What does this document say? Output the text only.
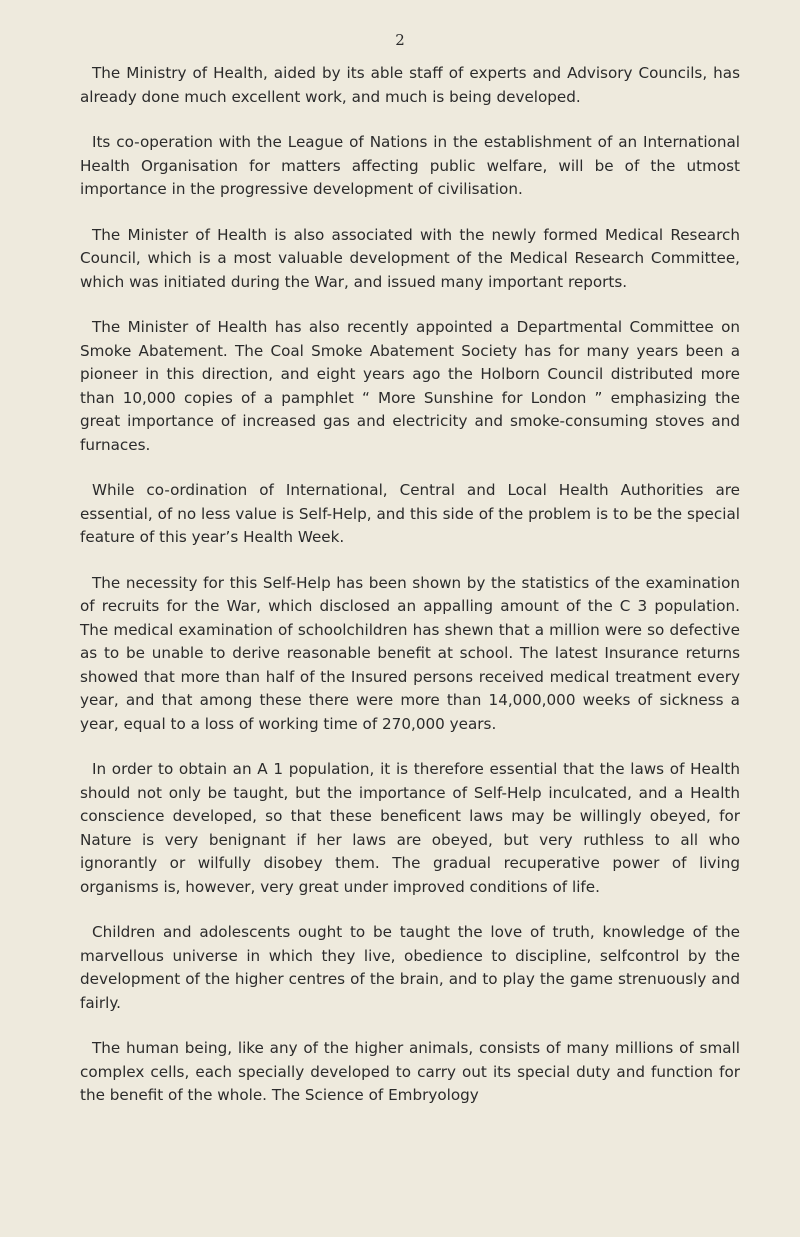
2

The Ministry of Health, aided by its able staff of experts and Advisory Councils, has already done much excellent work, and much is being developed.

Its co-operation with the League of Nations in the establishment of an International Health Organisation for matters affecting public welfare, will be of the utmost importance in the progressive development of civilisation.

The Minister of Health is also associated with the newly formed Medical Research Council, which is a most valuable development of the Medical Research Committee, which was initiated during the War, and issued many important reports.

The Minister of Health has also recently appointed a Departmental Committee on Smoke Abatement. The Coal Smoke Abatement Society has for many years been a pioneer in this direction, and eight years ago the Holborn Council distributed more than 10,000 copies of a pamphlet “ More Sunshine for London ” emphasizing the great importance of increased gas and electricity and smoke-consuming stoves and furnaces.

While co-ordination of International, Central and Local Health Authorities are essential, of no less value is Self-Help, and this side of the problem is to be the special feature of this year’s Health Week.

The necessity for this Self-Help has been shown by the statistics of the examination of recruits for the War, which disclosed an appalling amount of the C 3 population. The medical examination of schoolchildren has shewn that a million were so defective as to be unable to derive reasonable benefit at school. The latest Insurance returns showed that more than half of the Insured persons received medical treatment every year, and that among these there were more than 14,000,000 weeks of sickness a year, equal to a loss of working time of 270,000 years.

In order to obtain an A 1 population, it is therefore essential that the laws of Health should not only be taught, but the importance of Self-Help inculcated, and a Health conscience developed, so that these beneficent laws may be willingly obeyed, for Nature is very benignant if her laws are obeyed, but very ruthless to all who ignorantly or wilfully disobey them. The gradual recuperative power of living organisms is, however, very great under improved conditions of life.

Children and adolescents ought to be taught the love of truth, knowledge of the marvellous universe in which they live, obedience to discipline, selfcontrol by the development of the higher centres of the brain, and to play the game strenuously and fairly.

The human being, like any of the higher animals, consists of many millions of small complex cells, each specially developed to carry out its special duty and function for the benefit of the whole. The Science of Embryology
